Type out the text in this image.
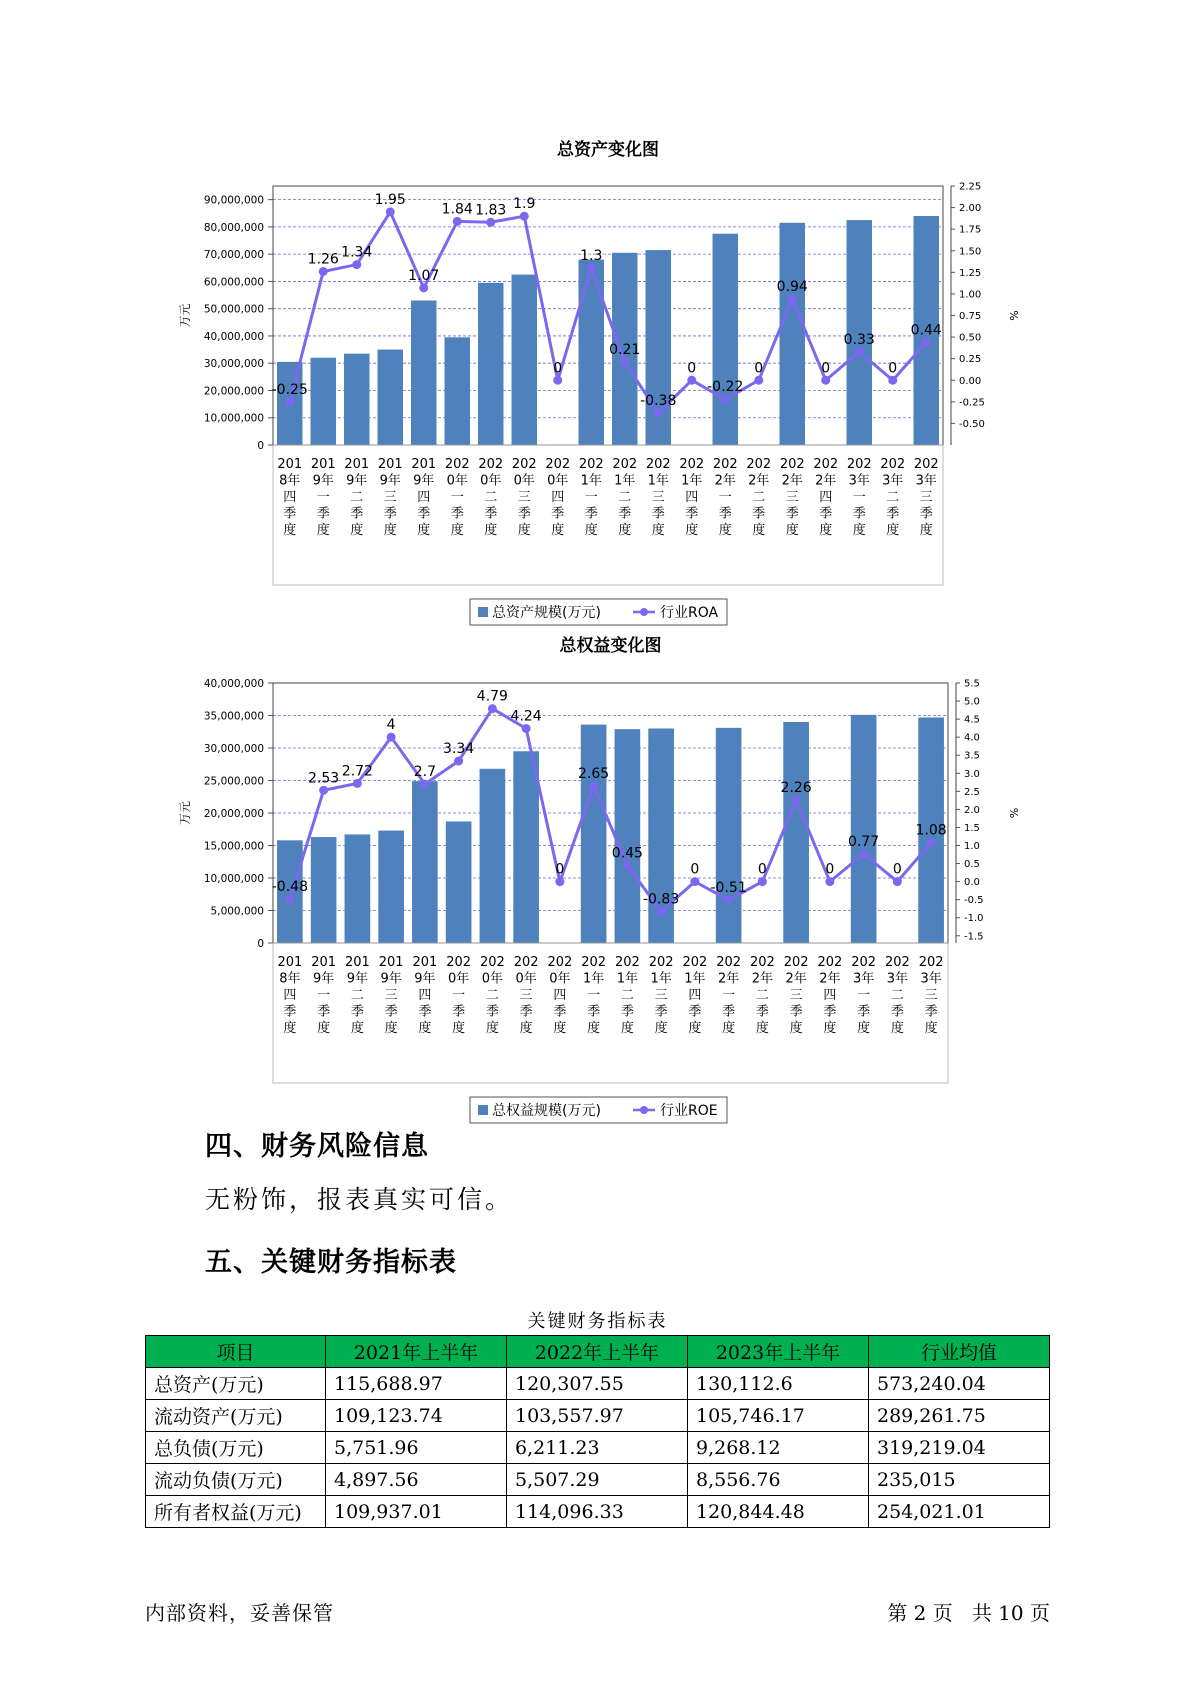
总资产变化图
0
10,000,000
20,000,000
30,000,000
40,000,000
50,000,000
60,000,000
70,000,000
80,000,000
90,000,000
-0.50
-0.25
0.00
0.25
0.50
0.75
1.00
1.25
1.50
1.75
2.00
2.25
万元	%
-0.25
1.26 1.34
1.95
1.07
1.84 1.83 1.9
0
1.3
0.21
-0.38
0
-0.22
0
0.94
0
0.33
0
0.44
201 8年四季度
201 9年一季度
201 9年二季度
201 9年三季度
201 9年四季度
202 0年一季度
202 0年二季度
202 0年三季度
202 0年四季度
202 1年一季度
202 1年二季度
202 1年三季度
202 1年四季度
202 2年一季度
202 2年二季度
202 2年三季度
202 2年四季度
202 3年一季度
202 3年二季度
202 3年三季度
总资产规模(万元)	行业ROA
总权益变化图
0
5,000,000
10,000,000
15,000,000
20,000,000
25,000,000
30,000,000
35,000,000
40,000,000
-1.5
-1.0
-0.5
0.0
0.5
1.0
1.5
2.0
2.5
3.0
3.5
4.0
4.5
5.0
5.5
万元	%
-0.48
2.53 2.72
4
2.7
3.34
4.79
4.24
0
2.65
0.45
-0.83
0
-0.51
0
2.26
0
0.77
0
1.08
201 8年四季度
201 9年一季度
201 9年二季度
201 9年三季度
201 9年四季度
202 0年一季度
202 0年二季度
202 0年三季度
202 0年四季度
202 1年一季度
202 1年二季度
202 1年三季度
202 1年四季度
202 2年一季度
202 2年二季度
202 2年三季度
202 2年四季度
202 3年一季度
202 3年二季度
202 3年三季度
总权益规模(万元)	行业ROE
四、财务风险信息

无粉饰，报表真实可信。

五、关键财务指标表
关键财务指标表
项目	2021年上半年	2022年上半年	2023年上半年	行业均值
总资产(万元)	115,688.97	120,307.55	130,112.6	573,240.04
流动资产(万元)	109,123.74	103,557.97	105,746.17	289,261.75
总负债(万元)	5,751.96	6,211.23	9,268.12	319,219.04
流动负债(万元)	4,897.56	5,507.29	8,556.76	235,015
所有者权益(万元)	109,937.01	114,096.33	120,844.48	254,021.01
内部资料，妥善保管	第 2 页   共 10 页
